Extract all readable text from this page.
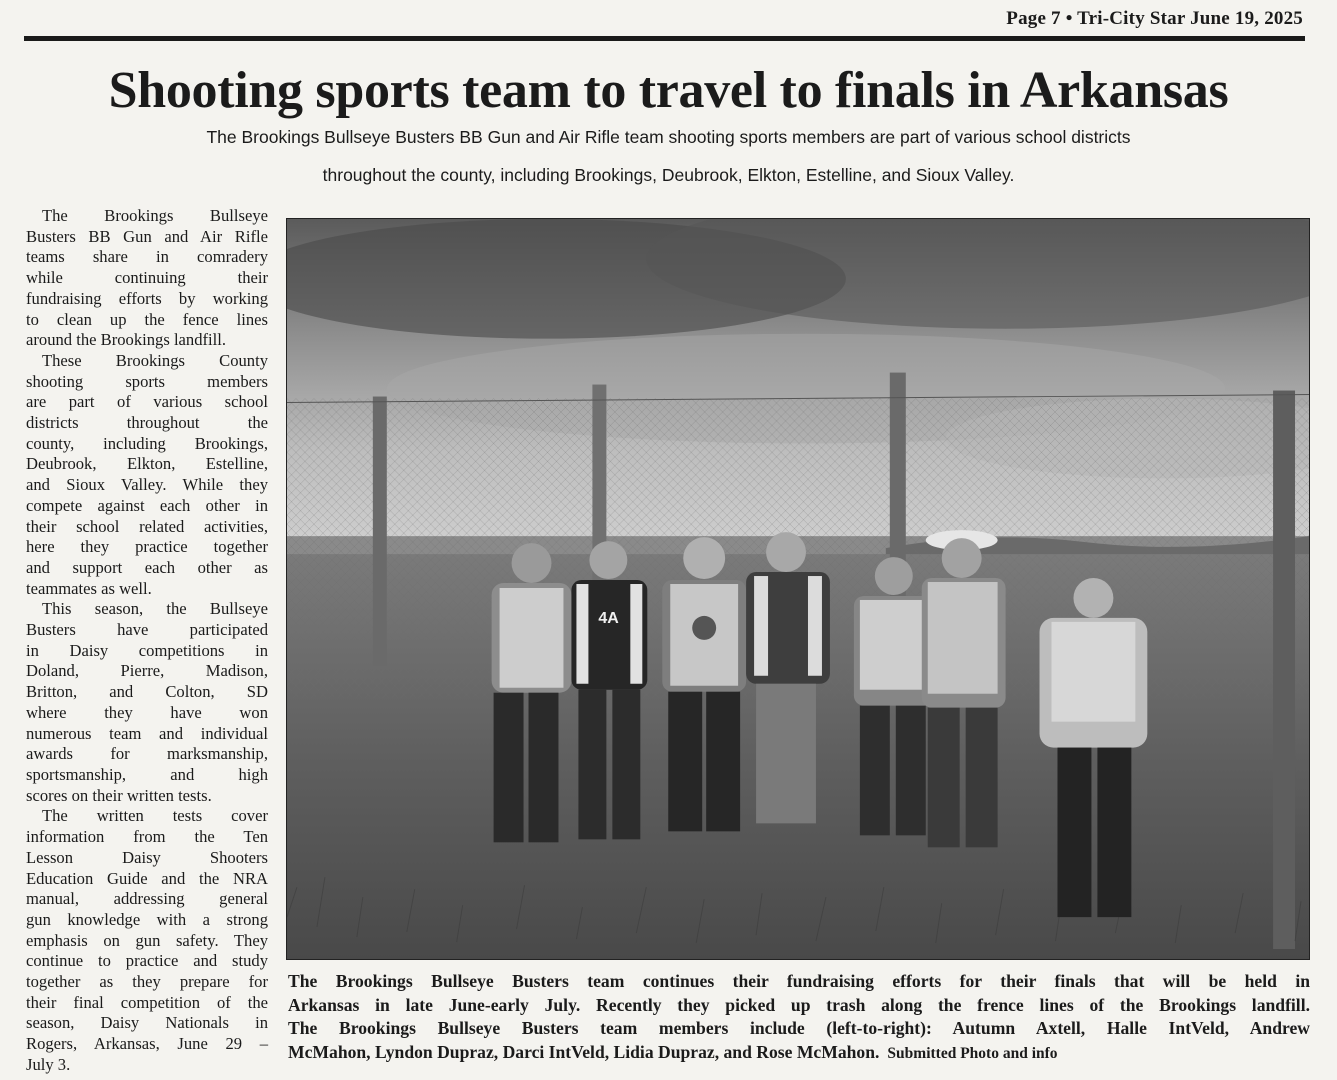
Page 7 • Tri-City Star June 19, 2025
Shooting sports team to travel to finals in Arkansas
The Brookings Bullseye Busters BB Gun and Air Rifle team shooting sports members are part of various school districts
throughout the county, including Brookings, Deubrook, Elkton, Estelline, and Sioux Valley.

The Brookings Bullseye
Busters BB Gun and Air Rifle
teams share in comradery
while continuing their
fundraising efforts by working
to clean up the fence lines
around the Brookings landfill.

These Brookings County
shooting sports members
are part of various school
districts throughout the
county, including Brookings,
Deubrook, Elkton, Estelline,
and Sioux Valley. While they
compete against each other in
their school related activities,
here they practice together
and support each other as
teammates as well.

This season, the Bullseye
Busters have participated
in Daisy competitions in
Doland, Pierre, Madison,
Britton, and Colton, SD
where they have won
numerous team and individual
awards for marksmanship,
sportsmanship, and high
scores on their written tests.

The written tests cover
information from the Ten
Lesson Daisy Shooters
Education Guide and the NRA
manual, addressing general
gun knowledge with a strong
emphasis on gun safety. They
continue to practice and study
together as they prepare for
their final competition of the
season, Daisy Nationals in
Rogers, Arkansas, June 29 –
July 3.

4A
The Brookings Bullseye Busters team continues their fundraising efforts for their finals that will be held in
Arkansas in late June-early July. Recently they picked up trash along the frence lines of the Brookings landfill.
The Brookings Bullseye Busters team members include (left-to-right): Autumn Axtell, Halle IntVeld, Andrew
McMahon, Lyndon Dupraz, Darci IntVeld, Lidia Dupraz, and Rose McMahon. Submitted Photo and info
